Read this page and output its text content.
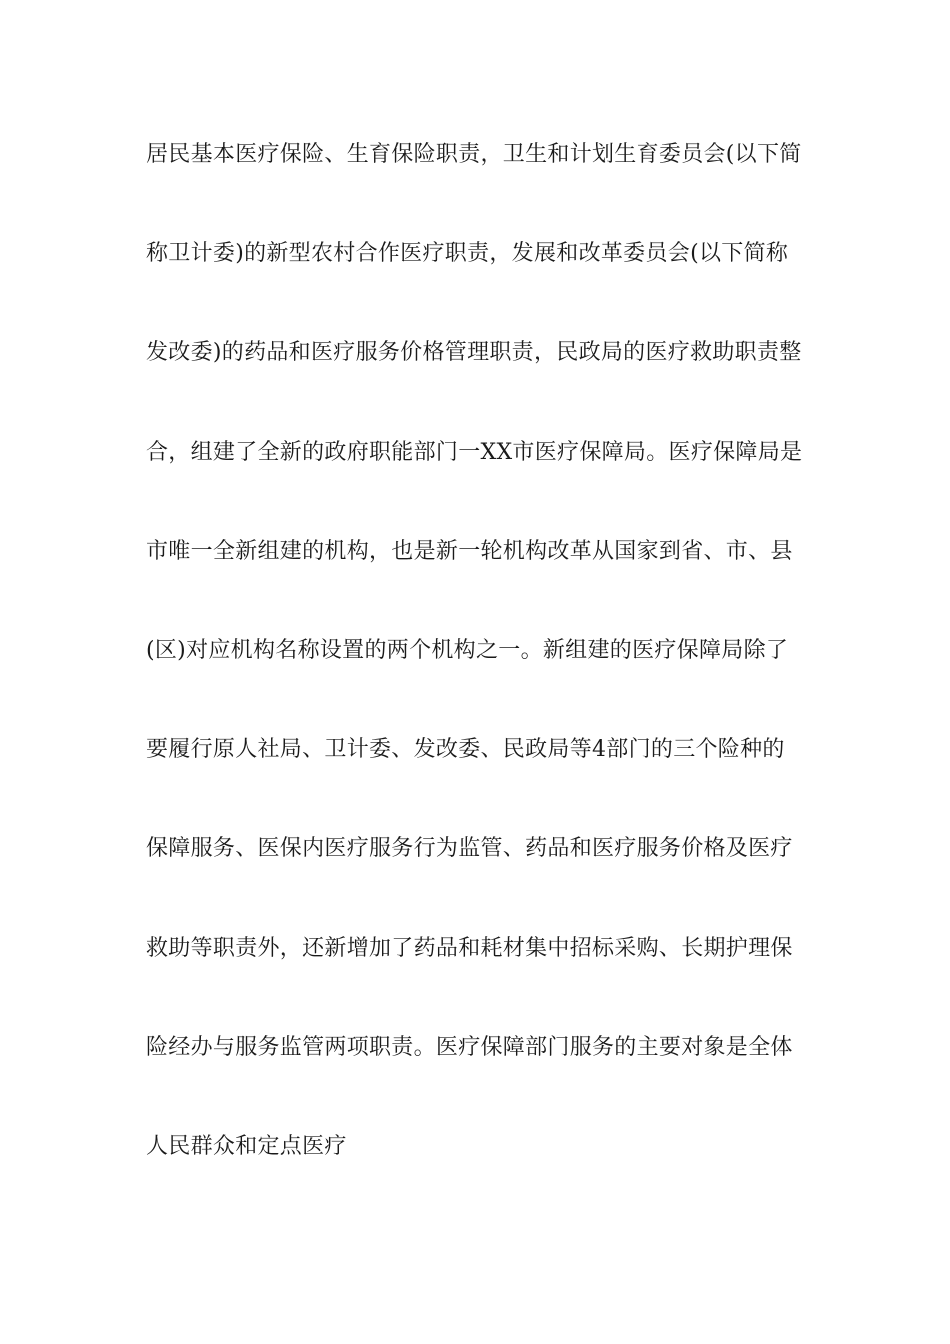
居民基本医疗保险、生育保险职责，卫生和计划生育委员会(以下简
称卫计委)的新型农村合作医疗职责，发展和改革委员会(以下简称
发改委)的药品和医疗服务价格管理职责，民政局的医疗救助职责整
合，组建了全新的政府职能部门一XX市医疗保障局。医疗保障局是
市唯一全新组建的机构，也是新一轮机构改革从国家到省、市、县
(区)对应机构名称设置的两个机构之一。新组建的医疗保障局除了
要履行原人社局、卫计委、发改委、民政局等4部门的三个险种的
保障服务、医保内医疗服务行为监管、药品和医疗服务价格及医疗
救助等职责外，还新增加了药品和耗材集中招标采购、长期护理保
险经办与服务监管两项职责。医疗保障部门服务的主要对象是全体
人民群众和定点医疗
